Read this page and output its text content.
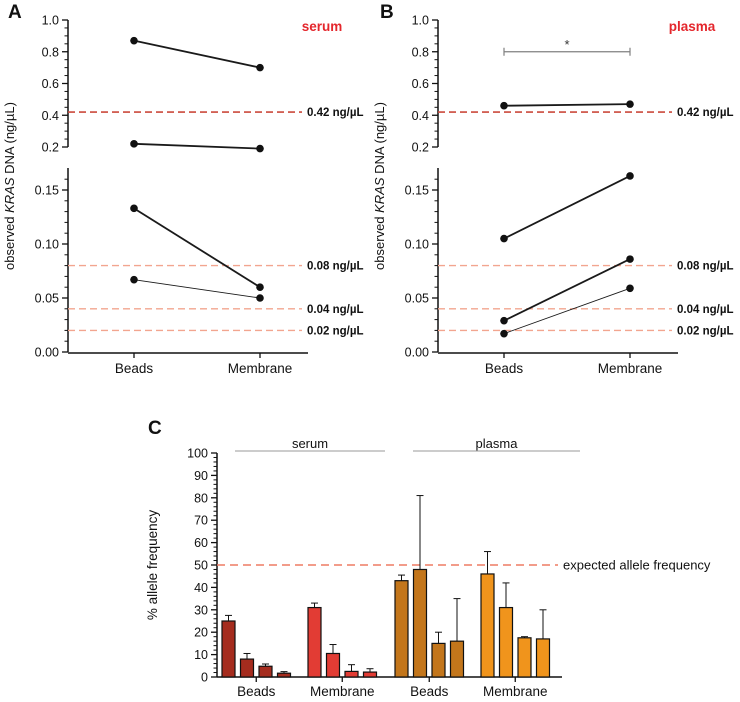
A	B
C
0.2
0.4
0.6
0.8
1.0
0.00
0.05
0.10
0.15
Beads	Membrane
0.42 ng/µL
0.08 ng/µL
0.04 ng/µL
0.02 ng/µL
serum
observed KRAS DNA (ng/µL)	0.2
0.4
0.6
0.8
1.0
0.00
0.05
0.10
0.15
Beads	Membrane
0.42 ng/µL
0.08 ng/µL
0.04 ng/µL
0.02 ng/µL
*
plasma
observed KRAS DNA (ng/µL)
0
10
20
30
40
50
60
70
80
90
100
expected allele frequency
Beads	Membrane	Beads	Membrane
serum	plasma
% allele frequency
